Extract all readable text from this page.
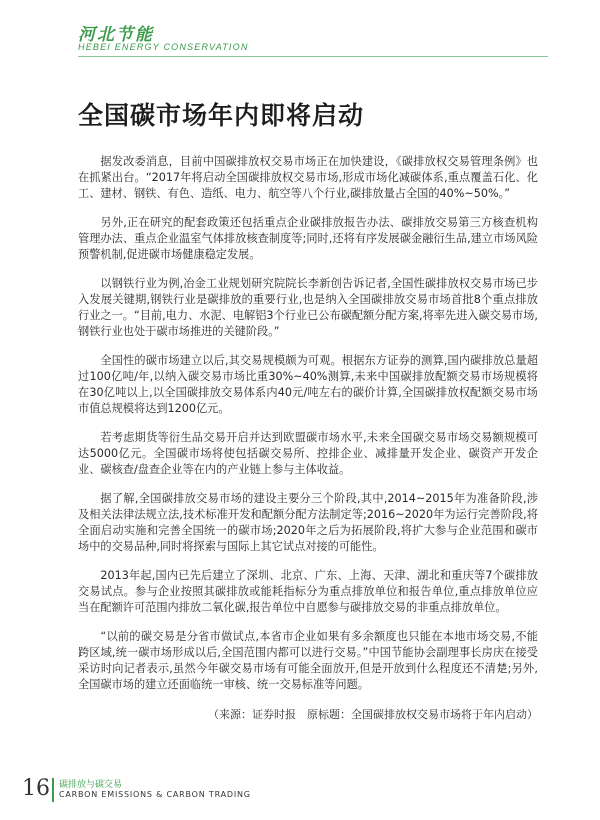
河北节能
HEBEI ENERGY CONSERVATION
全国碳市场年内即将启动

据发改委消息，目前中国碳排放权交易市场正在加快建设，《碳排放权交易管理条例》也在抓紧出台。“2017年将启动全国碳排放权交易市场,形成市场化减碳体系,重点覆盖石化、化工、建材、钢铁、有色、造纸、电力、航空等八个行业,碳排放量占全国的40%~50%。”

另外,正在研究的配套政策还包括重点企业碳排放报告办法、碳排放交易第三方核查机构管理办法、重点企业温室气体排放核查制度等;同时,还将有序发展碳金融衍生品,建立市场风险预警机制,促进碳市场健康稳定发展。

以钢铁行业为例,冶金工业规划研究院院长李新创告诉记者,全国性碳排放权交易市场已步入发展关键期,钢铁行业是碳排放的重要行业,也是纳入全国碳排放交易市场首批8个重点排放行业之一。“目前,电力、水泥、电解铝3个行业已公布碳配额分配方案,将率先进入碳交易市场,钢铁行业也处于碳市场推进的关键阶段。”

全国性的碳市场建立以后,其交易规模颇为可观。根据东方证券的测算,国内碳排放总量超过100亿吨/年,以纳入碳交易市场比重30%~40%测算,未来中国碳排放配额交易市场规模将在30亿吨以上,以全国碳排放交易体系内40元/吨左右的碳价计算,全国碳排放权配额交易市场市值总规模将达到1200亿元。

若考虑期货等衍生品交易开启并达到欧盟碳市场水平,未来全国碳交易市场交易额规模可达5000亿元。全国碳市场将使包括碳交易所、控排企业、减排量开发企业、碳资产开发企业、碳核查/盘查企业等在内的产业链上参与主体收益。

据了解,全国碳排放交易市场的建设主要分三个阶段,其中,2014~2015年为准备阶段,涉及相关法律法规立法,技术标准开发和配额分配方法制定等;2016~2020年为运行完善阶段,将全面启动实施和完善全国统一的碳市场;2020年之后为拓展阶段,将扩大参与企业范围和碳市场中的交易品种,同时将探索与国际上其它试点对接的可能性。

2013年起,国内已先后建立了深圳、北京、广东、上海、天津、湖北和重庆等7个碳排放交易试点。参与企业按照其碳排放或能耗指标分为重点排放单位和报告单位,重点排放单位应当在配额许可范围内排放二氧化碳,报告单位中自愿参与碳排放交易的非重点排放单位。

“以前的碳交易是分省市做试点,本省市企业如果有多余额度也只能在本地市场交易,不能跨区域,统一碳市场形成以后,全国范围内都可以进行交易。”中国节能协会副理事长房庆在接受采访时向记者表示,虽然今年碳交易市场有可能全面放开,但是开放到什么程度还不清楚;另外,全国碳市场的建立还面临统一审核、统一交易标准等问题。

（来源：证券时报　原标题：全国碳排放权交易市场将于年内启动）

16 碳排放与碳交易
CARBON EMISSIONS & CARBON TRADING
